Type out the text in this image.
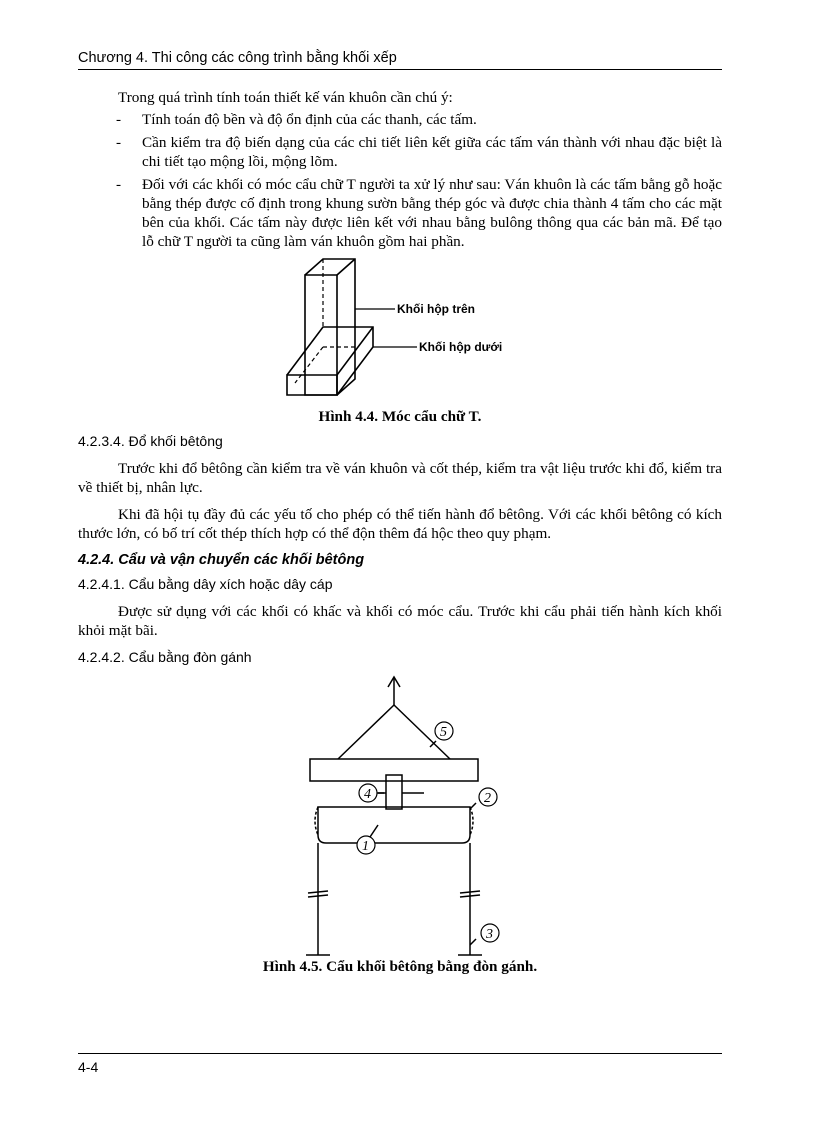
Chương 4. Thi công các công trình bằng khối xếp

Trong quá trình tính toán thiết kế ván khuôn cần chú ý:

- Tính toán độ bền và độ ổn định của các thanh, các tấm.
- Cần kiểm tra độ biến dạng của các chi tiết liên kết giữa các tấm ván thành với nhau đặc biệt là chi tiết tạo mộng lồi, mộng lõm.
- Đối với các khối có móc cẩu chữ T người ta xử lý như sau: Ván khuôn là các tấm bằng gỗ hoặc bằng thép được cố định trong khung sườn bằng thép góc và được chia thành 4 tấm cho các mặt bên của khối. Các tấm này được liên kết với nhau bằng bulông thông qua các bản mã. Để tạo lỗ chữ T người ta cũng làm ván khuôn gồm hai phần.
Khối hộp trên
Khối hộp dưới

Hình 4.4. Móc cẩu chữ T.

4.2.3.4. Đổ khối bêtông

Trước khi đổ bêtông cần kiểm tra về ván khuôn và cốt thép, kiểm tra vật liệu trước khi đổ, kiểm tra về thiết bị, nhân lực.

Khi đã hội tụ đầy đủ các yếu tố cho phép có thể tiến hành đổ bêtông. Với các khối bêtông có kích thước lớn, có bố trí cốt thép thích hợp có thể độn thêm đá hộc theo quy phạm.

4.2.4. Cẩu và vận chuyển các khối bêtông

4.2.4.1. Cẩu bằng dây xích hoặc dây cáp

Được sử dụng với các khối có khấc và khối có móc cẩu. Trước khi cẩu phải tiến hành kích khối khỏi mặt bãi.

4.2.4.2. Cẩu bằng đòn gánh

5
4	2
1
3

Hình 4.5. Cẩu khối bêtông bằng đòn gánh.

4-4
